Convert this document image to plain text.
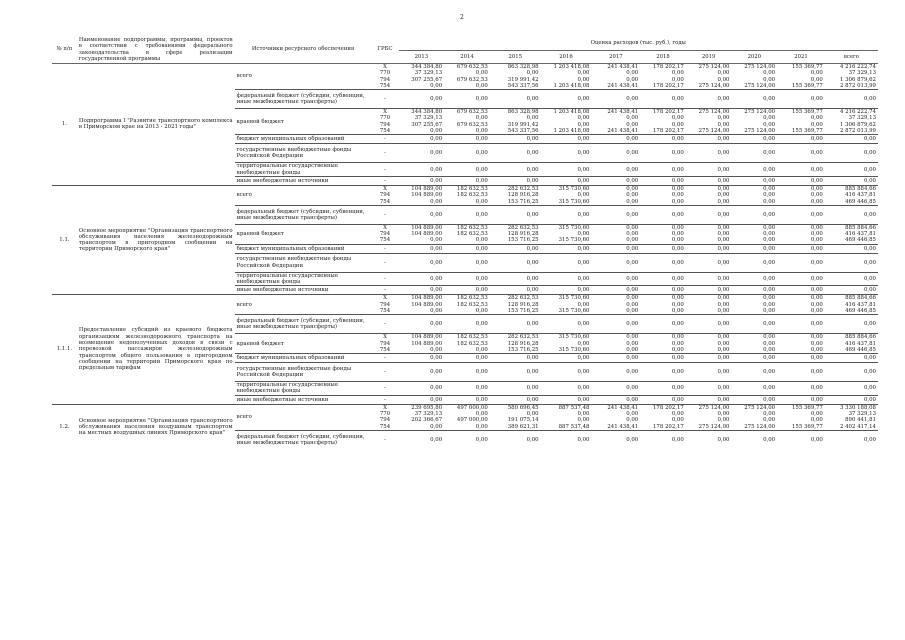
2
№ п/п	Наименование подпрограммы, программы, проектов в соответствии с требованиями федерального законодательства в сфере реализации государственной программы	Источники ресурсного обеспечения	ГРБС	Оценка расходов (тыс. руб.), годы									
				2013	2014	2015	2016	2017	2018	2019	2020	2021	всего
1.	Подпрограмма I "Развитие транспортного комплекса в Приморском крае на 2013 - 2021 годы"	всего	X	344 384,80	679 632,53	863 328,98	1 203 418,08	241 438,41	178 202,17	275 124,00	275 124,00	155 369,77	4 216 222,74
			770	37 329,13	0,00	0,00	0,00	0,00	0,00	0,00	0,00	0,00	37 329,13
			794	307 255,67	679 632,53	319 991,42	0,00	0,00	0,00	0,00	0,00	0,00	1 306 879,62
			754	0,00	0,00	543 337,56	1 203 418,08	241 438,41	178 202,17	275 124,00	275 124,00	155 369,77	2 872 013,99
		федеральный бюджет (субсидии, субвенции, иные межбюджетные трансферты)	-	0,00	0,00	0,00	0,00	0,00	0,00	0,00	0,00	0,00	0,00
		краевой бюджет	X	344 384,80	679 632,53	863 328,98	1 203 418,08	241 438,41	178 202,17	275 124,00	275 124,00	155 369,77	4 216 222,74
			770	37 329,13	0,00	0,00	0,00	0,00	0,00	0,00	0,00	0,00	37 329,13
			794	307 255,67	679 632,53	319 991,42	0,00	0,00	0,00	0,00	0,00	0,00	1 306 879,62
			754	0,00	0,00	543 337,56	1 203 418,08	241 438,41	178 202,17	275 124,00	275 124,00	155 369,77	2 872 013,99
		бюджет муниципальных образований	-	0,00	0,00	0,00	0,00	0,00	0,00	0,00	0,00	0,00	0,00
		государственные внебюджетные фонды Российской Федерации	-	0,00	0,00	0,00	0,00	0,00	0,00	0,00	0,00	0,00	0,00
		территориальные государственные внебюджетные фонды	-	0,00	0,00	0,00	0,00	0,00	0,00	0,00	0,00	0,00	0,00
		иные внебюджетные источники	-	0,00	0,00	0,00	0,00	0,00	0,00	0,00	0,00	0,00	0,00
1.1.	Основное мероприятие "Организация транспортного обслуживания населения железнодорожным транспортом в пригородном сообщении на территории Приморского края"	всего	X	104 889,00	182 632,53	282 632,53	315 730,60	0,00	0,00	0,00	0,00	0,00	885 884,66
			794	104 889,00	182 632,53	128 916,28	0,00	0,00	0,00	0,00	0,00	0,00	416 437,81
			754	0,00	0,00	153 716,25	315 730,60	0,00	0,00	0,00	0,00	0,00	469 446,85
		федеральный бюджет (субсидии, субвенции, иные межбюджетные трансферты)	-	0,00	0,00	0,00	0,00	0,00	0,00	0,00	0,00	0,00	0,00
		краевой бюджет	X	104 889,00	182 632,53	282 632,53	315 730,60	0,00	0,00	0,00	0,00	0,00	885 884,66
			794	104 889,00	182 632,53	128 916,28	0,00	0,00	0,00	0,00	0,00	0,00	416 437,81
			754	0,00	0,00	153 716,25	315 730,60	0,00	0,00	0,00	0,00	0,00	469 446,85
		бюджет муниципальных образований	-	0,00	0,00	0,00	0,00	0,00	0,00	0,00	0,00	0,00	0,00
		государственные внебюджетные фонды Российской Федерации	-	0,00	0,00	0,00	0,00	0,00	0,00	0,00	0,00	0,00	0,00
		территориальные государственные внебюджетные фонды	-	0,00	0,00	0,00	0,00	0,00	0,00	0,00	0,00	0,00	0,00
		иные внебюджетные источники	-	0,00	0,00	0,00	0,00	0,00	0,00	0,00	0,00	0,00	0,00
1.1.1.	Предоставление субсидий из краевого бюджета организациям железнодорожного транспорта на возмещение недополученных доходов в связи с перевозкой пассажиров железнодорожным транспортом общего пользования в пригородном сообщении на территории Приморского края по предельным тарифам	всего	X	104 889,00	182 632,53	282 632,53	315 730,60	0,00	0,00	0,00	0,00	0,00	885 884,66
			794	104 889,00	182 632,53	128 916,28	0,00	0,00	0,00	0,00	0,00	0,00	416 437,81
			754	0,00	0,00	153 716,25	315 730,60	0,00	0,00	0,00	0,00	0,00	469 446,85
		федеральный бюджет (субсидии, субвенции, иные межбюджетные трансферты)	-	0,00	0,00	0,00	0,00	0,00	0,00	0,00	0,00	0,00	0,00
		краевой бюджет	X	104 889,00	182 632,53	282 632,53	315 730,60	0,00	0,00	0,00	0,00	0,00	885 884,66
			794	104 889,00	182 632,53	128 916,28	0,00	0,00	0,00	0,00	0,00	0,00	416 437,81
			754	0,00	0,00	153 716,25	315 730,60	0,00	0,00	0,00	0,00	0,00	469 446,85
		бюджет муниципальных образований	-	0,00	0,00	0,00	0,00	0,00	0,00	0,00	0,00	0,00	0,00
		государственные внебюджетные фонды Российской Федерации	-	0,00	0,00	0,00	0,00	0,00	0,00	0,00	0,00	0,00	0,00
		территориальные государственные внебюджетные фонды	-	0,00	0,00	0,00	0,00	0,00	0,00	0,00	0,00	0,00	0,00
		иные внебюджетные источники	-	0,00	0,00	0,00	0,00	0,00	0,00	0,00	0,00	0,00	0,00
1.2.	Основное мероприятие "Организация транспортного обслуживания населения воздушным транспортом на местных воздушных линиях Приморского края"	всего	X	239 695,80	497 000,00	580 696,45	887 537,48	241 438,41	178 202,17	275 124,00	275 124,00	155 369,77	3 330 188,08
			770	37 329,13	0,00	0,00	0,00	0,00	0,00	0,00	0,00	0,00	37 329,13
			794	202 366,67	497 000,00	191 075,14	0,00	0,00	0,00	0,00	0,00	0,00	890 441,81
			754	0,00	0,00	389 621,31	887 537,48	241 438,41	178 202,17	275 124,00	275 124,00	155 369,77	2 402 417,14
		федеральный бюджет (субсидии, субвенции, иные межбюджетные трансферты)	-	0,00	0,00	0,00	0,00	0,00	0,00	0,00	0,00	0,00	0,00
